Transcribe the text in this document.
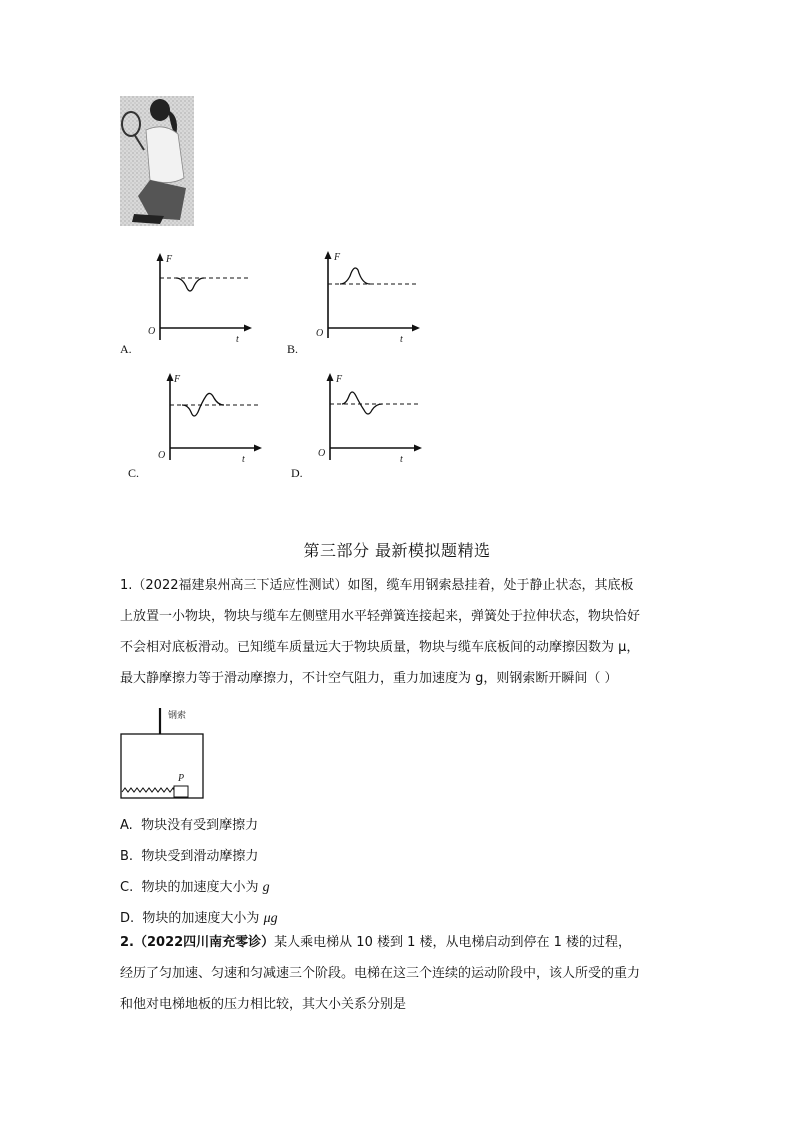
A.
F
O
t
B.
F
O
t
C.
F
O	t
D.
F
O
t
第三部分 最新模拟题精选
1.（2022福建泉州高三下适应性测试）如图，缆车用钢索悬挂着，处于静止状态，其底板
上放置一小物块，物块与缆车左侧壁用水平轻弹簧连接起来，弹簧处于拉伸状态，物块恰好
不会相对底板滑动。已知缆车质量远大于物块质量，物块与缆车底板间的动摩擦因数为 μ，
最大静摩擦力等于滑动摩擦力，不计空气阻力，重力加速度为 g，则钢索断开瞬间（ ）
钢索
P
A. 物块没有受到摩擦力
B. 物块受到滑动摩擦力
C. 物块的加速度大小为 g
D. 物块的加速度大小为 μg
2.（2022四川南充零诊）某人乘电梯从 10 楼到 1 楼，从电梯启动到停在 1 楼的过程，
经历了匀加速、匀速和匀减速三个阶段。电梯在这三个连续的运动阶段中，该人所受的重力
和他对电梯地板的压力相比较，其大小关系分别是
